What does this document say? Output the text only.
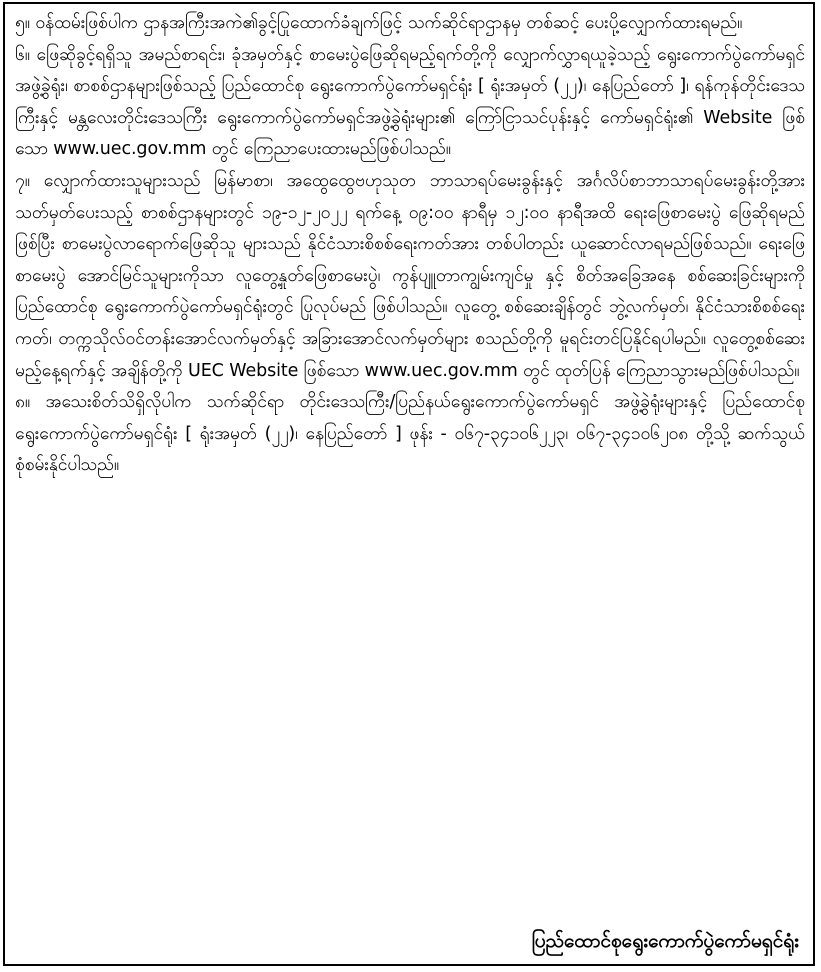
၅။ ဝန်ထမ်းဖြစ်ပါက ဌာနအကြီးအကဲ၏ခွင့်ပြုထောက်ခံချက်ဖြင့် သက်ဆိုင်ရာဌာနမှ တစ်ဆင့် ပေးပို့လျှောက်ထားရမည်။

၆။ ဖြေဆိုခွင့်ရရှိသူ အမည်စာရင်း၊ ခုံအမှတ်နှင့် စာမေးပွဲဖြေဆိုရမည့်ရက်တို့ကို လျှောက်လွှာရယူခဲ့သည့် ရွေးကောက်ပွဲကော်မရှင်အဖွဲ့ခွဲရုံး၊ စာစစ်ဌာနများဖြစ်သည့် ပြည်ထောင်စု ရွေးကောက်ပွဲကော်မရှင်ရုံး [ ရုံးအမှတ် (၂၂)၊ နေပြည်တော် ]၊ ရန်ကုန်တိုင်းဒေသကြီးနှင့် မန္တလေးတိုင်းဒေသကြီး ရွေးကောက်ပွဲကော်မရှင်အဖွဲ့ခွဲရုံးများ၏ ကြော်ငြာသင်ပုန်းနှင့် ကော်မရှင်ရုံး၏ Website ဖြစ်သော www.uec.gov.mm တွင် ကြေညာပေးထားမည်ဖြစ်ပါသည်။

၇။ လျှောက်ထားသူများသည် မြန်မာစာ၊ အထွေထွေဗဟုသုတ ဘာသာရပ်မေးခွန်းနှင့် အင်္ဂလိပ်စာဘာသာရပ်မေးခွန်းတို့အား သတ်မှတ်ပေးသည့် စာစစ်ဌာနများတွင် ၁၉-၁၂-၂၀၂၂ ရက်နေ့ ၀၉:၀၀ နာရီမှ ၁၂:၀၀ နာရီအထိ ရေးဖြေစာမေးပွဲ ဖြေဆိုရမည်ဖြစ်ပြီး စာမေးပွဲလာရောက်ဖြေဆိုသူ များသည် နိုင်ငံသားစိစစ်ရေးကတ်အား တစ်ပါတည်း ယူဆောင်လာရမည်ဖြစ်သည်။ ရေးဖြေစာမေးပွဲ အောင်မြင်သူများကိုသာ လူတွေ့နှုတ်ဖြေစာမေးပွဲ၊ ကွန်ပျူတာကျွမ်းကျင်မှု နှင့် စိတ်အခြေအနေ စစ်ဆေးခြင်းများကို ပြည်ထောင်စု ရွေးကောက်ပွဲကော်မရှင်ရုံးတွင် ပြုလုပ်မည် ဖြစ်ပါသည်။ လူတွေ့ စစ်ဆေးချိန်တွင် ဘွဲ့လက်မှတ်၊ နိုင်ငံသားစိစစ်ရေးကတ်၊ တက္ကသိုလ်ဝင်တန်းအောင်လက်မှတ်နှင့် အခြားအောင်လက်မှတ်များ စသည်တို့ကို မူရင်းတင်ပြနိုင်ရပါမည်။ လူတွေ့စစ်ဆေးမည့်နေ့ရက်နှင့် အချိန်တို့ကို UEC Website ဖြစ်သော www.uec.gov.mm တွင် ထုတ်ပြန် ကြေညာသွားမည်ဖြစ်ပါသည်။

၈။ အသေးစိတ်သိရှိလိုပါက သက်ဆိုင်ရာ တိုင်းဒေသကြီး/ပြည်နယ်ရွေးကောက်ပွဲကော်မရှင် အဖွဲ့ခွဲရုံးများနှင့် ပြည်ထောင်စုရွေးကောက်ပွဲကော်မရှင်ရုံး [ ရုံးအမှတ် (၂၂)၊ နေပြည်တော် ] ဖုန်း - ၀၆၇-၃၄၁၀၆၂၂၃၊ ၀၆၇-၃၄၁၀၆၂၀၈ တို့သို့ ဆက်သွယ်စုံစမ်းနိုင်ပါသည်။

ပြည်ထောင်စုရွေးကောက်ပွဲကော်မရှင်ရုံး
